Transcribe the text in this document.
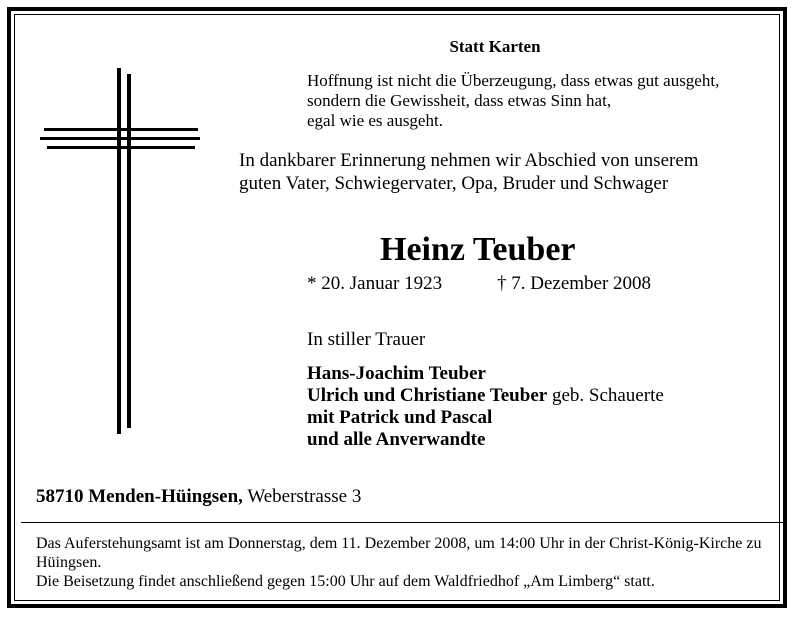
Statt Karten
Hoffnung ist nicht die Überzeugung, dass etwas gut ausgeht,
sondern die Gewissheit, dass etwas Sinn hat,
egal wie es ausgeht.
In dankbarer Erinnerung nehmen wir Abschied von unserem
guten Vater, Schwiegervater, Opa, Bruder und Schwager
Heinz Teuber
* 20. Januar 1923	† 7. Dezember 2008
In stiller Trauer
Hans-Joachim Teuber
Ulrich und Christiane Teuber geb. Schauerte
mit Patrick und Pascal
und alle Anverwandte
58710 Menden-Hüingsen, Weberstrasse 3
Das Auferstehungsamt ist am Donnerstag, dem 11. Dezember 2008, um 14:00 Uhr in der Christ-König-Kirche zu Hüingsen.
Die Beisetzung findet anschließend gegen 15:00 Uhr auf dem Waldfriedhof „Am Limberg“ statt.
